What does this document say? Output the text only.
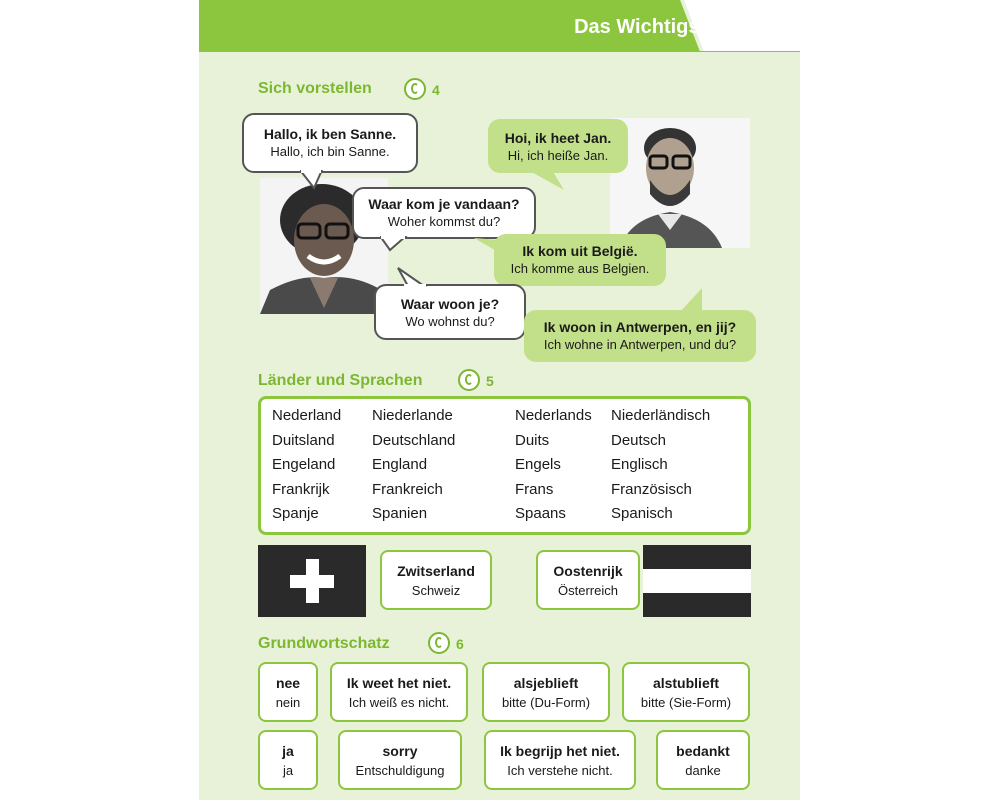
Das Wichtigste auf einen Blick
Sich vorstellen	4
Hallo, ik ben Sanne.
Hallo, ich bin Sanne.
Hoi, ik heet Jan.
Hi, ich heiße Jan.
Waar kom je vandaan?
Woher kommst du?
Ik kom uit België.
Ich komme aus Belgien.
Waar woon je?
Wo wohnst du?	Ik woon in Antwerpen, en jij?
Ich wohne in Antwerpen, und du?
Länder und Sprachen	5
Nederland Niederlande	Nederlands Niederländisch
Duitsland Deutschland	Duits	Deutsch
Engeland England	Engels	Englisch
Frankrijk	Frankreich	Frans	Französisch
Spanje	Spanien	Spaans	Spanisch
Zwitserland
Schweiz
Oostenrijk
Österreich
Grundwortschatz	6
nee
nein
Ik weet het niet.
Ich weiß es nicht.
alsjeblieft
bitte (Du-Form)
alstublieft
bitte (Sie-Form)
ja
ja
sorry
Entschuldigung
Ik begrijp het niet.
Ich verstehe nicht.
bedankt
danke
